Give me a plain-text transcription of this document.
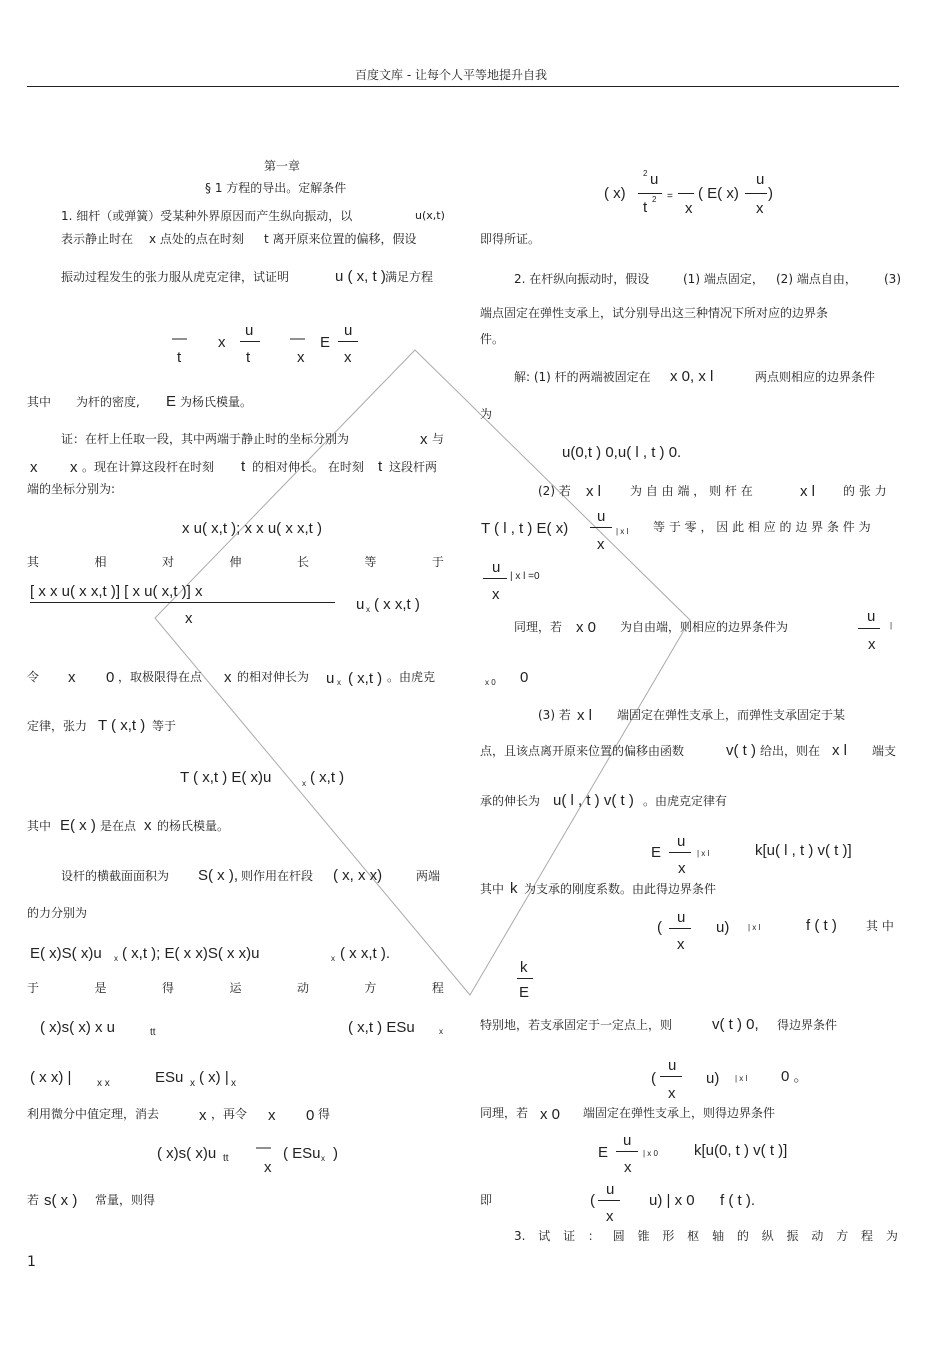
百度文库 - 让每个人平等地提升自我
第一章
§ 1 方程的导出。定解条件
1. 细杆（或弹簧）受某种外界原因而产生纵向振动，以	u(x,t)
表示静止时在 x 点处的点在时刻 t 离开原来位置的偏移，假设
振动过程发生的张力服从虎克定律，试证明	u ( x, t ) 满足方程
—
t
x
u
t
—
x
E
u
x
其中 为杆的密度, E 为杨氏模量。
证：在杆上任取一段，其中两端于静止时的坐标分别为	x 与
x x 。现在计算这段杆在时刻 t 的相对伸长。 在时刻 t 这段杆两
端的坐标分别为:
x u( x,t ); x x u( x x,t )
其	相	对	伸	长	等	于
[ x x u( x x,t )] [ x u( x,t )] x
x
u x ( x x,t )
令 x 0 ，取极限得在点 x 的相对伸长为 u x ( x,t ) 。由虎克
定律，张力 T ( x,t ) 等于
T ( x,t ) E( x)u	x ( x,t )
其中 E( x ) 是在点 x 的杨氏模量。
设杆的横截面面积为 S( x ), 则作用在杆段 ( x, x x)	两端
的力分别为
E( x)S( x)u x ( x,t ); E( x x)S( x x)u	x ( x x,t ).
于	是	得	运	动	方	程
( x)s( x) x u	tt	( x,t ) ESu	x
( x x) |	x x	ESu x ( x) | x
利用微分中值定理，消去	x ，再令 x 0 得
( x)s( x)u tt
—
x
( ESu x )
若 s( x ) 常量，则得
1
( x)
2 u
t 2 =
x
( E( x)
u
x
)
即得所证。
2. 在杆纵向振动时，假设	(1) 端点固定， (2) 端点自由， (3)
端点固定在弹性支承上，试分别导出这三种情况下所对应的边界条
件。
解: (1) 杆的两端被固定在 x 0, x l	两点则相应的边界条件
为
u(0,t ) 0,u( l , t ) 0.
(2) 若 x l 为 自 由 端 ， 则 杆 在	x l 的 张 力
T ( l , t ) E( x)
u
x
| x l 等 于 零 ， 因 此 相 应 的 边 界 条 件 为
u
x
| x l =0
同理，若 x 0 为自由端，则相应的边界条件为
u
x
|
x 0 0
(3) 若 x l 端固定在弹性支承上，而弹性支承固定于某
点，且该点离开原来位置的偏移由函数	v( t ) 给出，则在 x l 端支
承的伸长为 u( l , t ) v( t ) 。由虎克定律有
E
u
x
| x l	k[u( l , t ) v( t )]
其中 k 为支承的刚度系数。由此得边界条件
(
u
x
u) | x l	f ( t ) 其 中
k
E
特别地，若支承固定于一定点上，则	v( t ) 0, 得边界条件
(
u
x
u) | x l 0 。
同理，若 x 0 端固定在弹性支承上，则得边界条件
E
u
x
| x 0 k[u(0, t ) v( t )]
即	(
u
x
u) | x 0 f ( t ).
3. 试 证 ： 圆 锥 形 枢 轴 的 纵 振 动 方 程 为
